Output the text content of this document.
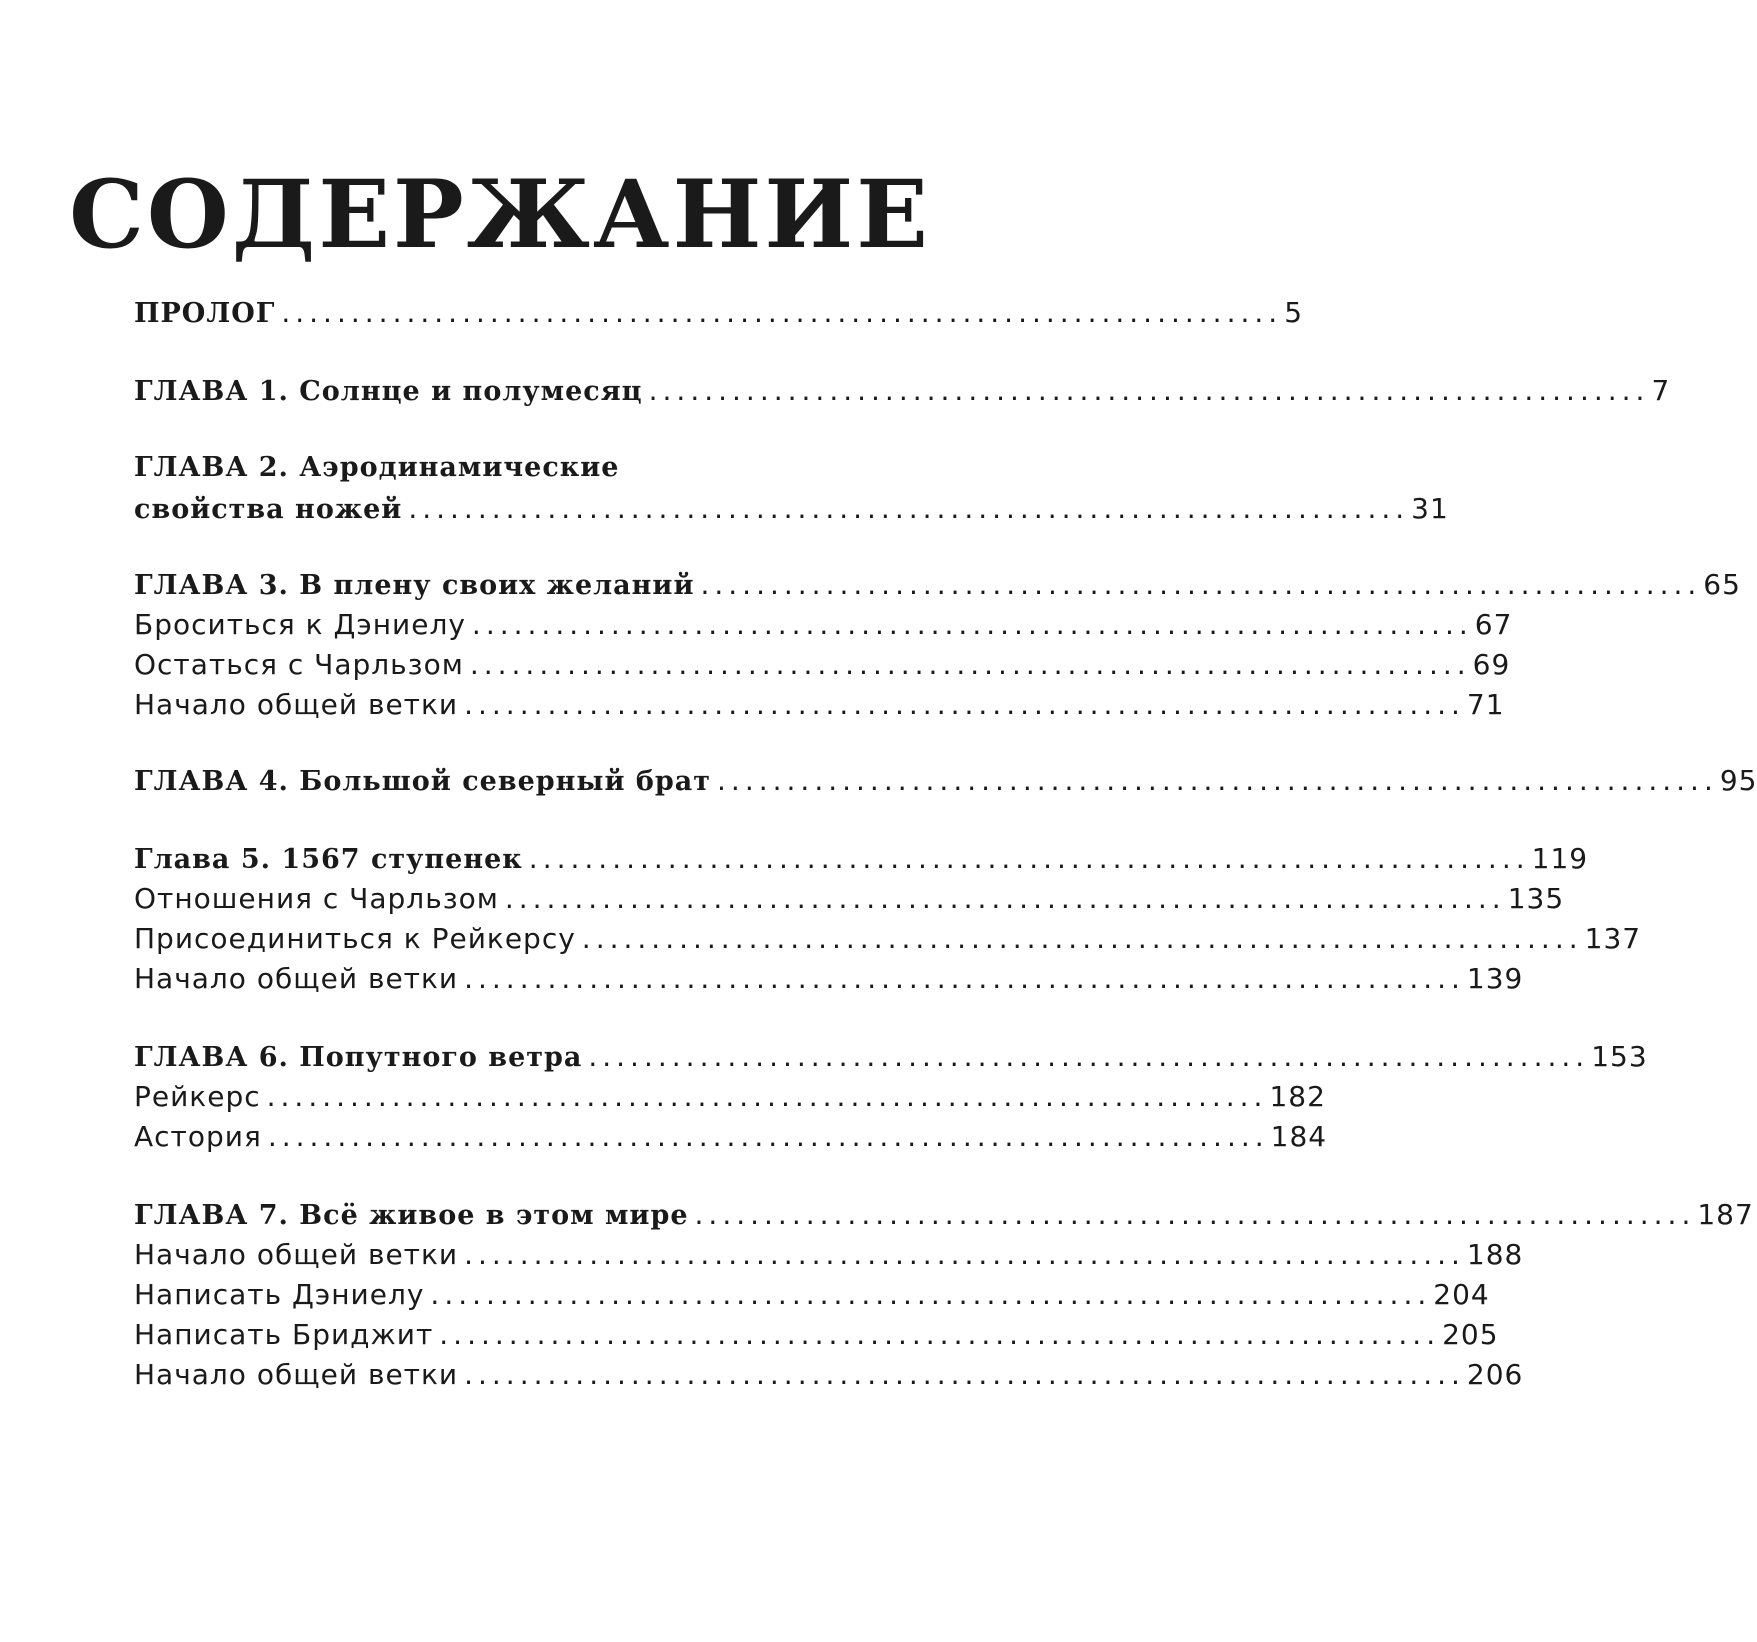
СОДЕРЖАНИЕ
ПРОЛОГ ........................................................................ 5
ГЛАВА 1. Солнце и полумесяц ........................................................................ 7
ГЛАВА 2. Аэродинамические
свойства ножей ........................................................................ 31
ГЛАВА 3. В плену своих желаний ........................................................................ 65
Броситься к Дэниелу ........................................................................ 67
Остаться с Чарльзом ........................................................................ 69
Начало общей ветки ........................................................................ 71
ГЛАВА 4. Большой северный брат ........................................................................ 95
Глава 5. 1567 ступенек ........................................................................ 119
Отношения с Чарльзом ........................................................................ 135
Присоединиться к Рейкерсу ........................................................................ 137
Начало общей ветки ........................................................................ 139
ГЛАВА 6. Попутного ветра ........................................................................ 153
Рейкерс ........................................................................ 182
Астория ........................................................................ 184
ГЛАВА 7. Всё живое в этом мире ........................................................................ 187
Начало общей ветки ........................................................................ 188
Написать Дэниелу ........................................................................ 204
Написать Бриджит ........................................................................ 205
Начало общей ветки ........................................................................ 206
